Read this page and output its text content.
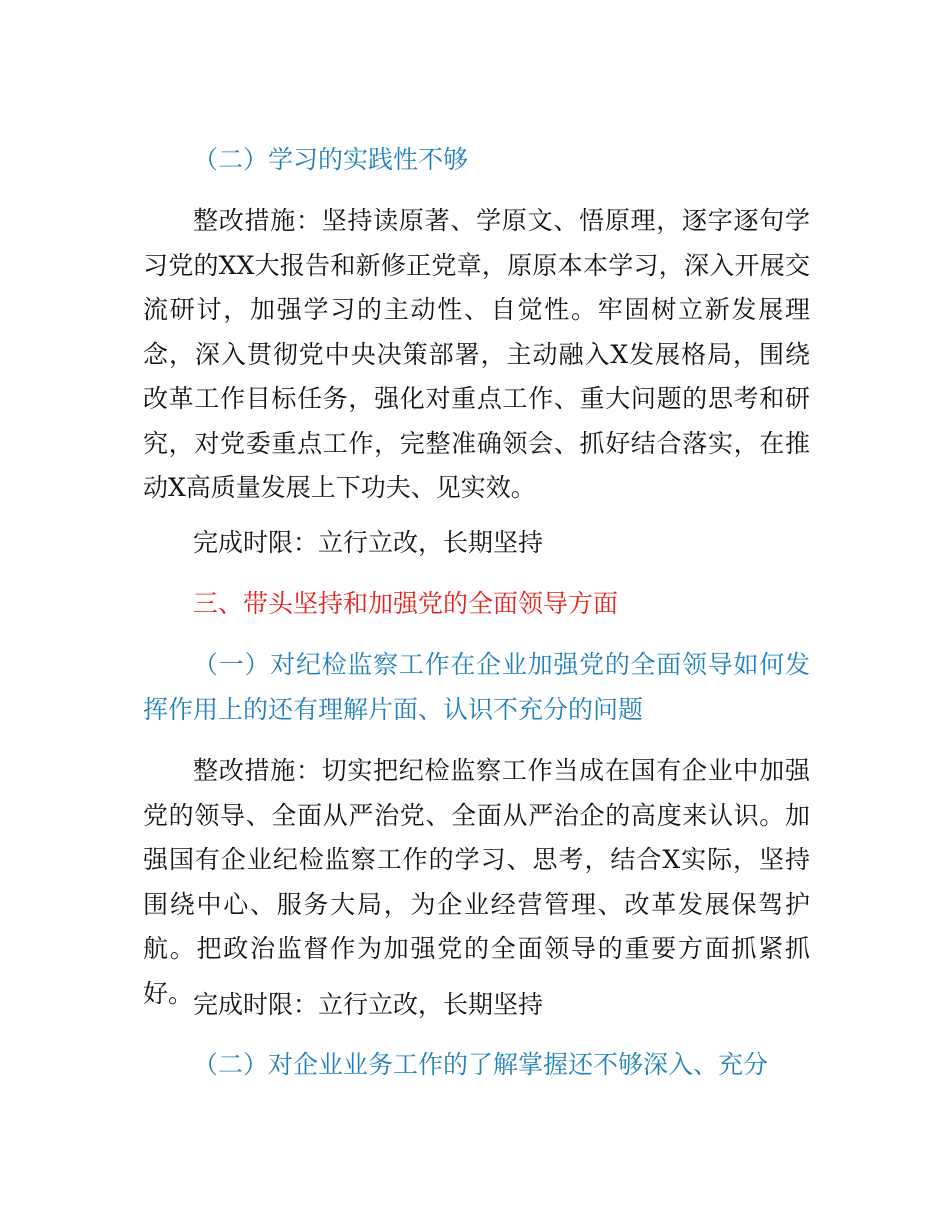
（二）学习的实践性不够

整改措施：坚持读原著、学原文、悟原理，逐字逐句学习党的XX大报告和新修正党章，原原本本学习，深入开展交流研讨，加强学习的主动性、自觉性。牢固树立新发展理念，深入贯彻党中央决策部署，主动融入X发展格局，围绕改革工作目标任务，强化对重点工作、重大问题的思考和研究，对党委重点工作，完整准确领会、抓好结合落实，在推动X高质量发展上下功夫、见实效。

完成时限：立行立改，长期坚持

三、带头坚持和加强党的全面领导方面

（一）对纪检监察工作在企业加强党的全面领导如何发挥作用上的还有理解片面、认识不充分的问题

整改措施：切实把纪检监察工作当成在国有企业中加强党的领导、全面从严治党、全面从严治企的高度来认识。加强国有企业纪检监察工作的学习、思考，结合X实际，坚持围绕中心、服务大局，为企业经营管理、改革发展保驾护航。把政治监督作为加强党的全面领导的重要方面抓紧抓好。 完成时限：立行立改，长期坚持

（二）对企业业务工作的了解掌握还不够深入、充分
